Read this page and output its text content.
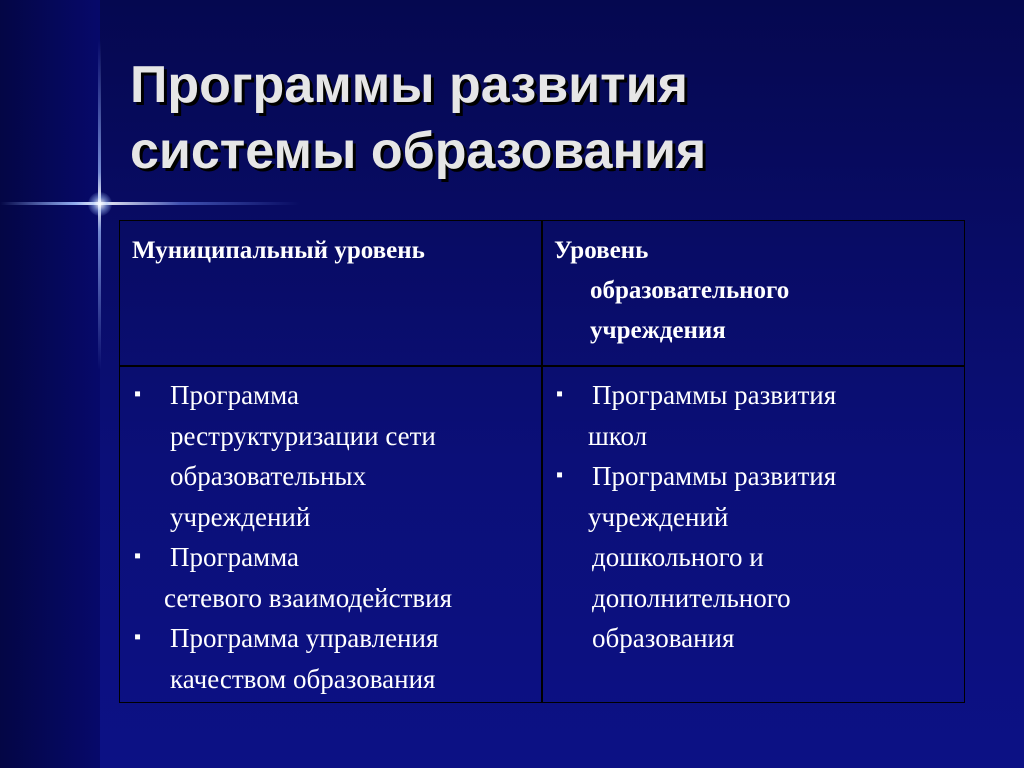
Программы развития
системы образования
Муниципальный уровень	Уровень
образовательного
учреждения
▪ Программа
реструктуризации сети
образовательных
учреждений
▪ Программа
сетевого взаимодействия
▪ Программа управления
качеством образования
▪ Программы развития
школ
▪ Программы развития
учреждений
дошкольного и
дополнительного
образования
